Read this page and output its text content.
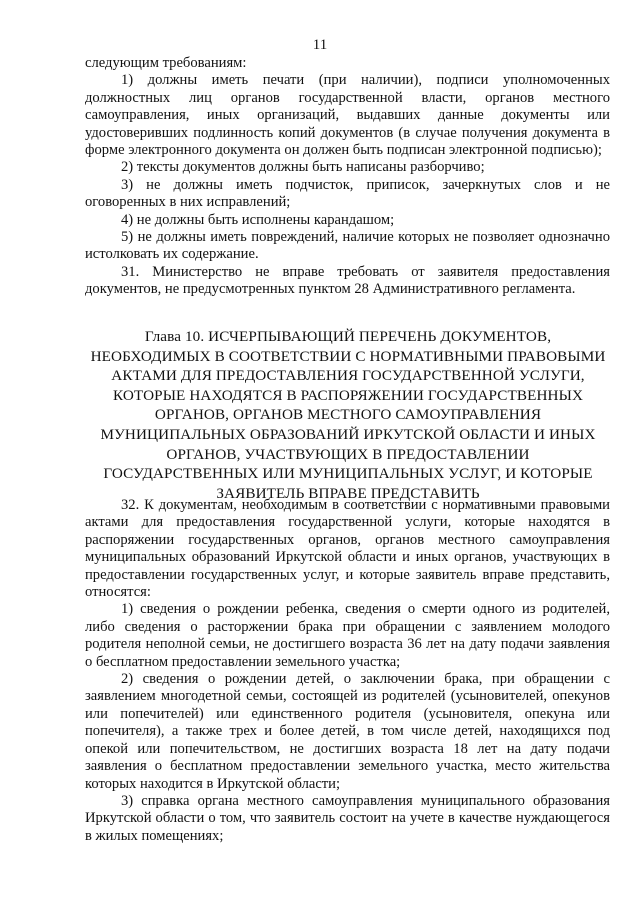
11

следующим требованиям:

1) должны иметь печати (при наличии), подписи уполномоченных должностных лиц органов государственной власти, органов местного самоуправления, иных организаций, выдавших данные документы или удостоверивших подлинность копий документов (в случае получения документа в форме электронного документа он должен быть подписан электронной подписью);

2) тексты документов должны быть написаны разборчиво;

3) не должны иметь подчисток, приписок, зачеркнутых слов и не оговоренных в них исправлений;

4) не должны быть исполнены карандашом;

5) не должны иметь повреждений, наличие которых не позволяет однозначно истолковать их содержание.

31. Министерство не вправе требовать от заявителя предоставления документов, не предусмотренных пунктом 28 Административного регламента.

Глава 10. ИСЧЕРПЫВАЮЩИЙ ПЕРЕЧЕНЬ ДОКУМЕНТОВ,

НЕОБХОДИМЫХ В СООТВЕТСТВИИ С НОРМАТИВНЫМИ ПРАВОВЫМИ

АКТАМИ ДЛЯ ПРЕДОСТАВЛЕНИЯ ГОСУДАРСТВЕННОЙ УСЛУГИ,

КОТОРЫЕ НАХОДЯТСЯ В РАСПОРЯЖЕНИИ ГОСУДАРСТВЕННЫХ

ОРГАНОВ, ОРГАНОВ МЕСТНОГО САМОУПРАВЛЕНИЯ

МУНИЦИПАЛЬНЫХ ОБРАЗОВАНИЙ ИРКУТСКОЙ ОБЛАСТИ И ИНЫХ

ОРГАНОВ, УЧАСТВУЮЩИХ В ПРЕДОСТАВЛЕНИИ

ГОСУДАРСТВЕННЫХ ИЛИ МУНИЦИПАЛЬНЫХ УСЛУГ, И КОТОРЫЕ

ЗАЯВИТЕЛЬ ВПРАВЕ ПРЕДСТАВИТЬ

32. К документам, необходимым в соответствии с нормативными правовыми актами для предоставления государственной услуги, которые находятся в распоряжении государственных органов, органов местного самоуправления муниципальных образований Иркутской области и иных органов, участвующих в предоставлении государственных услуг, и которые заявитель вправе представить, относятся:

1) сведения о рождении ребенка, сведения о смерти одного из родителей, либо сведения о расторжении брака при обращении с заявлением молодого родителя неполной семьи, не достигшего возраста 36 лет на дату подачи заявления о бесплатном предоставлении земельного участка;

2) сведения о рождении детей, о заключении брака, при обращении с заявлением многодетной семьи, состоящей из родителей (усыновителей, опекунов или попечителей) или единственного родителя (усыновителя, опекуна или попечителя), а также трех и более детей, в том числе детей, находящихся под опекой или попечительством, не достигших возраста 18 лет на дату подачи заявления о бесплатном предоставлении земельного участка, место жительства которых находится в Иркутской области;

3) справка органа местного самоуправления муниципального образования Иркутской области о том, что заявитель состоит на учете в качестве нуждающегося в жилых помещениях;
